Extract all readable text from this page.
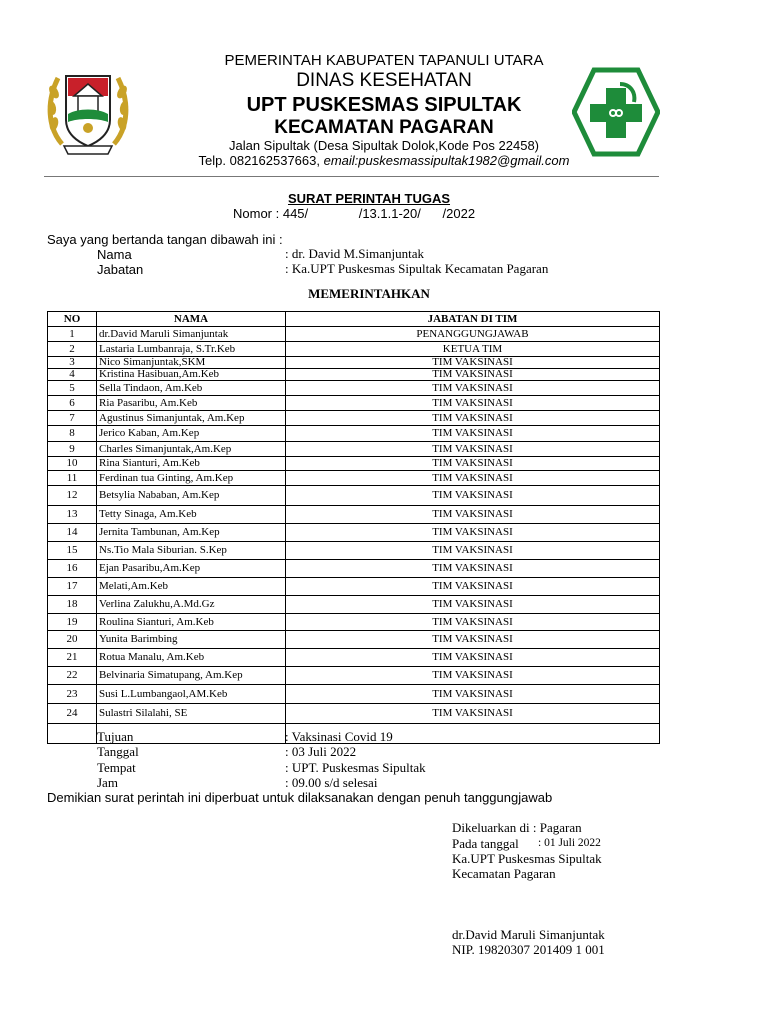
PEMERINTAH KABUPATEN TAPANULI UTARA
DINAS KESEHATAN
UPT PUSKESMAS SIPULTAK
KECAMATAN PAGARAN
Jalan Sipultak (Desa Sipultak Dolok,Kode Pos 22458)
Telp. 082162537663, email:puskesmassipultak1982@gmail.com
SURAT PERINTAH TUGAS
Nomor : 445/              /13.1.1-20/      /2022
Saya yang bertanda tangan dibawah ini :
Nama	: dr. David M.Simanjuntak
Jabatan	: Ka.UPT Puskesmas Sipultak Kecamatan Pagaran
MEMERINTAHKAN
NO	NAMA	JABATAN DI TIM
1	dr.David Maruli Simanjuntak	PENANGGUNGJAWAB
2	Lastaria Lumbanraja, S.Tr.Keb	KETUA TIM
3	Nico Simanjuntak,SKM	TIM VAKSINASI
4	Kristina Hasibuan,Am.Keb	TIM VAKSINASI
5	Sella Tindaon, Am.Keb	TIM VAKSINASI
6	Ria Pasaribu, Am.Keb	TIM VAKSINASI
7	Agustinus Simanjuntak, Am.Kep	TIM VAKSINASI
8	Jerico Kaban, Am.Kep	TIM VAKSINASI
9	Charles Simanjuntak,Am.Kep	TIM VAKSINASI
10	Rina Sianturi, Am.Keb	TIM VAKSINASI
11	Ferdinan tua Ginting, Am.Kep	TIM VAKSINASI
12	Betsylia Nababan, Am.Kep	TIM VAKSINASI
13	Tetty Sinaga, Am.Keb	TIM VAKSINASI
14	Jernita Tambunan, Am.Kep	TIM VAKSINASI
15	Ns.Tio Mala Siburian. S.Kep	TIM VAKSINASI
16	Ejan Pasaribu,Am.Kep	TIM VAKSINASI
17	Melati,Am.Keb	TIM VAKSINASI
18	Verlina Zalukhu,A.Md.Gz	TIM VAKSINASI
19	Roulina Sianturi, Am.Keb	TIM VAKSINASI
20	Yunita Barimbing	TIM VAKSINASI
21	Rotua Manalu, Am.Keb	TIM VAKSINASI
22	Belvinaria Simatupang, Am.Kep	TIM VAKSINASI
23	Susi L.Lumbangaol,AM.Keb	TIM VAKSINASI
24	Sulastri Silalahi, SE	TIM VAKSINASI

Tujuan	: Vaksinasi Covid 19
Tanggal	: 03 Juli 2022
Tempat	: UPT. Puskesmas Sipultak
Jam	: 09.00 s/d selesai
Demikian surat perintah ini diperbuat untuk dilaksanakan dengan penuh tanggungjawab
Dikeluarkan di : Pagaran
Pada tanggal : 01 Juli 2022
Ka.UPT Puskesmas Sipultak
Kecamatan Pagaran
dr.David Maruli Simanjuntak
NIP. 19820307 201409 1 001
